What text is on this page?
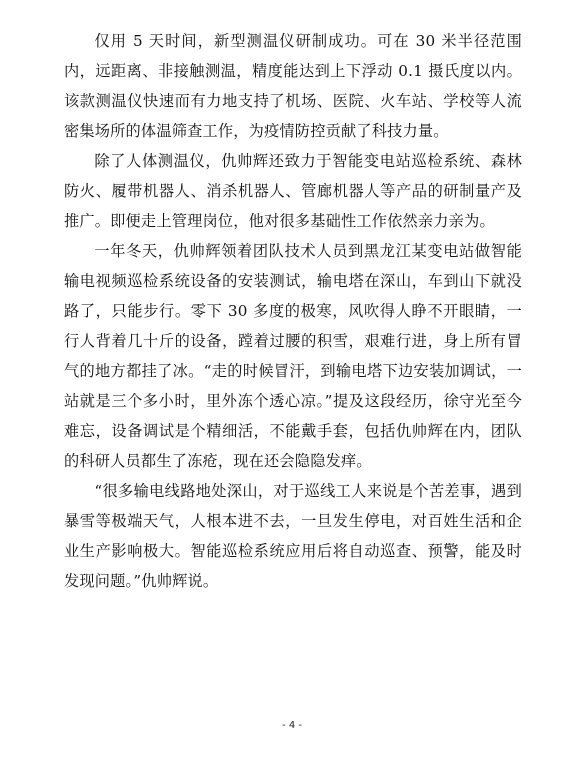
仅用 5 天时间，新型测温仪研制成功。可在 30 米半径范围内，远距离、非接触测温，精度能达到上下浮动 0.1 摄氏度以内。该款测温仪快速而有力地支持了机场、医院、火车站、学校等人流密集场所的体温筛查工作，为疫情防控贡献了科技力量。

除了人体测温仪，仇帅辉还致力于智能变电站巡检系统、森林防火、履带机器人、消杀机器人、管廊机器人等产品的研制量产及推广。即便走上管理岗位，他对很多基础性工作依然亲力亲为。

一年冬天，仇帅辉领着团队技术人员到黑龙江某变电站做智能输电视频巡检系统设备的安装测试，输电塔在深山，车到山下就没路了，只能步行。零下 30 多度的极寒，风吹得人睁不开眼睛，一行人背着几十斤的设备，蹚着过腰的积雪，艰难行进，身上所有冒气的地方都挂了冰。“走的时候冒汗，到输电塔下边安装加调试，一站就是三个多小时，里外冻个透心凉。”提及这段经历，徐守光至今难忘，设备调试是个精细活，不能戴手套，包括仇帅辉在内，团队的科研人员都生了冻疮，现在还会隐隐发痒。

“很多输电线路地处深山，对于巡线工人来说是个苦差事，遇到暴雪等极端天气，人根本进不去，一旦发生停电，对百姓生活和企业生产影响极大。智能巡检系统应用后将自动巡查、预警，能及时发现问题。”仇帅辉说。

- 4 -
